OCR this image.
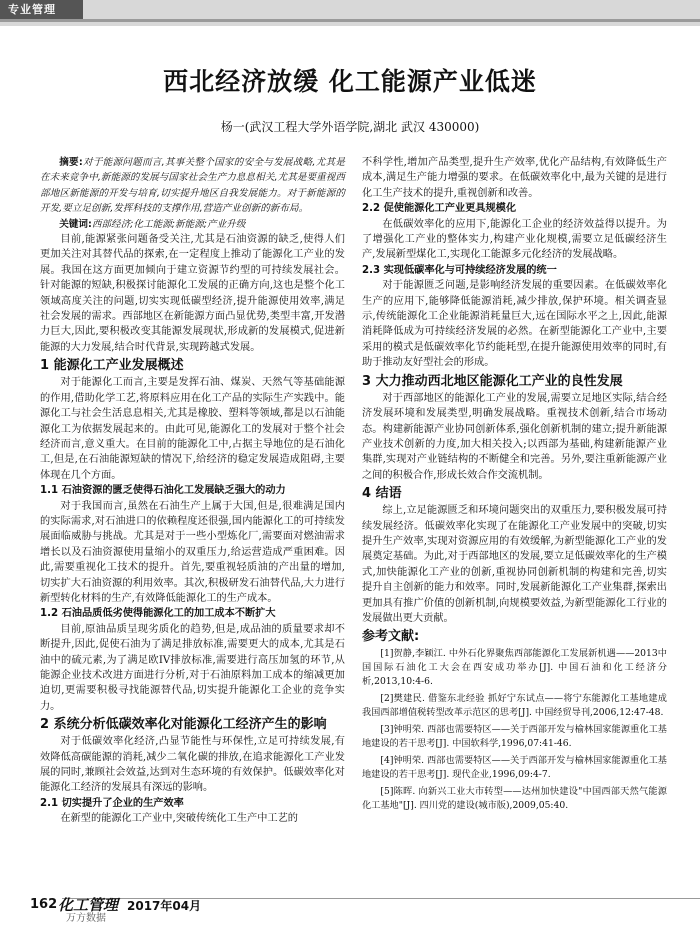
专业管理
西北经济放缓 化工能源产业低迷
杨一(武汉工程大学外语学院,湖北 武汉 430000)

摘要:对于能源问题而言,其事关整个国家的安全与发展战略,尤其是在未来竞争中,新能源的发展与国家社会生产力息息相关,尤其是要重视西部地区新能源的开发与培育,切实提升地区自我发展能力。对于新能源的开发,要立足创新,发挥科技的支撑作用,营造产业创新的新布局。

关键词:西部经济;化工能源;新能源;产业升级

目前,能源紧张问题备受关注,尤其是石油资源的缺乏,使得人们更加关注对其替代品的探索,在一定程度上推动了能源化工产业的发展。我国在这方面更加倾向于建立资源节约型的可持续发展社会。针对能源的短缺,积极探讨能源化工发展的正确方向,这也是整个化工领域高度关注的问题,切实实现低碳型经济,提升能源使用效率,满足社会发展的需求。西部地区在新能源方面凸显优势,类型丰富,开发潜力巨大,因此,要积极改变其能源发展现状,形成新的发展模式,促进新能源的大力发展,结合时代背景,实现跨越式发展。

1 能源化工产业发展概述

对于能源化工而言,主要是发挥石油、煤炭、天然气等基础能源的作用,借助化学工艺,将原料应用在化工产品的实际生产实践中。能源化工与社会生活息息相关,尤其是橡胶、塑料等领域,都是以石油能源化工为依据发展起来的。由此可见,能源化工的发展对于整个社会经济而言,意义重大。在目前的能源化工中,占据主导地位的是石油化工,但是,在石油能源短缺的情况下,给经济的稳定发展造成阻碍,主要体现在几个方面。

1.1 石油资源的匮乏使得石油化工发展缺乏强大的动力

对于我国而言,虽然在石油生产上属于大国,但是,很难满足国内的实际需求,对石油进口的依赖程度还很强,国内能源化工的可持续发展面临威胁与挑战。尤其是对于一些小型炼化厂,需要面对燃油需求增长以及石油资源使用量缩小的双重压力,给运营造成严重困难。因此,需要重视化工技术的提升。首先,要重视轻质油的产出量的增加,切实扩大石油资源的利用效率。其次,积极研发石油替代品,大力进行新型转化材料的生产,有效降低能源化工的生产成本。

1.2 石油品质低劣使得能源化工的加工成本不断扩大

目前,原油品质呈现劣质化的趋势,但是,成品油的质量要求却不断提升,因此,促使石油为了满足排放标准,需要更大的成本,尤其是石油中的硫元素,为了满足欧IV排放标准,需要进行高压加氢的环节,从能源企业技术改进方面进行分析,对于石油原料加工成本的缩减更加迫切,更需要积极寻找能源替代品,切实提升能源化工企业的竞争实力。

2 系统分析低碳效率化对能源化工经济产生的影响

对于低碳效率化经济,凸显节能性与环保性,立足可持续发展,有效降低高碳能源的消耗,减少二氧化碳的排放,在追求能源化工产业发展的同时,兼顾社会效益,达到对生态环境的有效保护。低碳效率化对能源化工经济的发展具有深远的影响。

2.1 切实提升了企业的生产效率

在新型的能源化工产业中,突破传统化工生产中工艺的

不科学性,增加产品类型,提升生产效率,优化产品结构,有效降低生产成本,满足生产能力增强的要求。在低碳效率化中,最为关键的是进行化工生产技术的提升,重视创新和改善。

2.2 促使能源化工产业更具规模化

在低碳效率化的应用下,能源化工企业的经济效益得以提升。为了增强化工产业的整体实力,构建产业化规模,需要立足低碳经济生产,发展新型煤化工,实现化工能源多元化经济的发展战略。

2.3 实现低碳率化与可持续经济发展的统一

对于能源匮乏问题,是影响经济发展的重要因素。在低碳效率化生产的应用下,能够降低能源消耗,减少排放,保护环境。相关调查显示,传统能源化工企业能源消耗量巨大,远在国际水平之上,因此,能源消耗降低成为可持续经济发展的必然。在新型能源化工产业中,主要采用的模式是低碳效率化节约能耗型,在提升能源使用效率的同时,有助于推动友好型社会的形成。

3 大力推动西北地区能源化工产业的良性发展

对于西部地区的能源化工产业的发展,需要立足地区实际,结合经济发展环境和发展类型,明确发展战略。重视技术创新,结合市场动态。构建新能源产业协同创新体系,强化创新机制的建立;提升新能源产业技术创新的力度,加大相关投入;以西部为基础,构建新能源产业集群,实现对产业链结构的不断健全和完善。另外,要注重新能源产业之间的积极合作,形成长效合作交流机制。

4 结语

综上,立足能源匮乏和环境问题突出的双重压力,要积极发展可持续发展经济。低碳效率化实现了在能源化工产业发展中的突破,切实提升生产效率,实现对资源应用的有效缓解,为新型能源化工产业的发展奠定基础。为此,对于西部地区的发展,要立足低碳效率化的生产模式,加快能源化工产业的创新,重视协同创新机制的构建和完善,切实提升自主创新的能力和效率。同时,发展新能源化工产业集群,探索出更加具有推广价值的创新机制,向规模要效益,为新型能源化工行业的发展做出更大贡献。

参考文献:
[1]贺静,李颖江. 中外石化界聚焦西部能源化工发展新机遇——2013中国国际石油化工大会在西安成功举办[J]. 中国石油和化工经济分析,2013,10:4-6.
[2]樊建民. 借鉴东北经验 抓好宁东试点——将宁东能源化工基地建成我国西部增值税转型改革示范区的思考[J]. 中国经贸导刊,2006,12:47-48.
[3]钟明荣. 西部也需要特区——关于西部开发与榆林国家能源重化工基地建设的若干思考[J]. 中国软科学,1996,07:41-46.
[4]钟明荣. 西部也需要特区——关于西部开发与榆林国家能源重化工基地建设的若干思考[J]. 现代企业,1996,09:4-7.
[5]陈晖. 向新兴工业大市转型——达州加快建设"中国西部天然气能源化工基地"[J]. 四川党的建设(城市版),2009,05:40.
162 化工管理 2017年04月
万方数据
